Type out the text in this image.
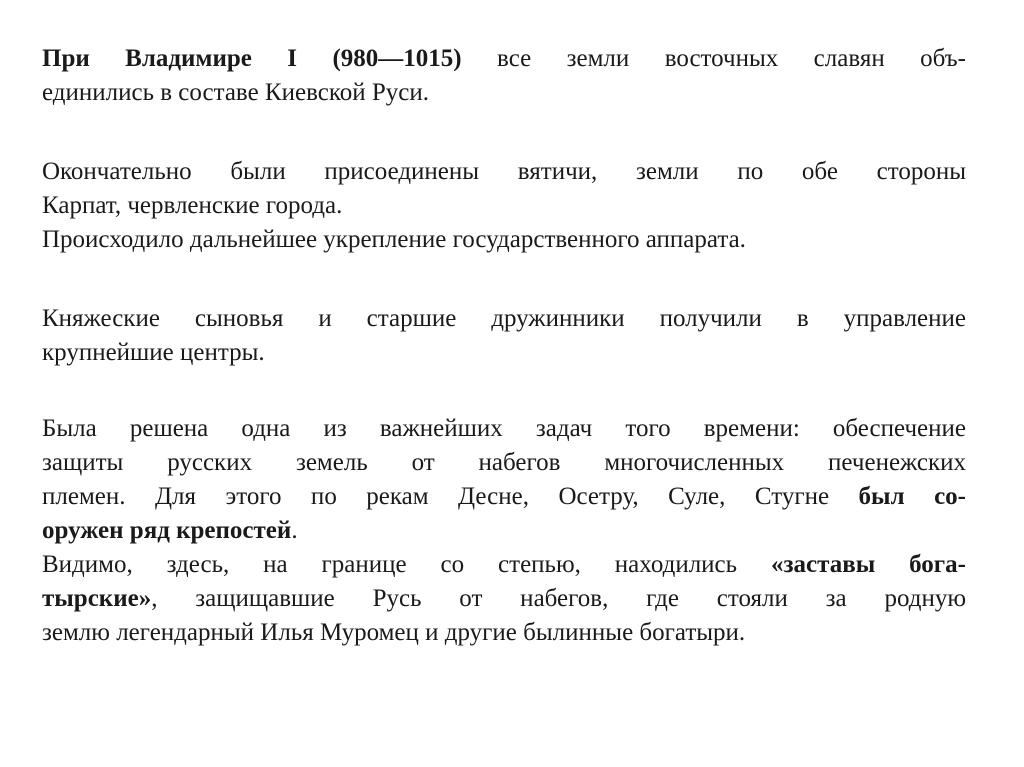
При Владимире I (980—1015) все земли восточных славян объ-
единились в составе Киевской Руси.
Окончательно были присоединены вятичи, земли по обе стороны
Карпат, червленские города.
Происходило дальнейшее укрепление государственного аппарата.
Княжеские сыновья и старшие дружинники получили в управление
крупнейшие центры.
Была решена одна из важнейших задач того времени: обеспечение
защиты русских земель от набегов многочисленных печенежских
племен. Для этого по рекам Десне, Осетру, Суле, Стугне был со-
оружен ряд крепостей.
Видимо, здесь, на границе со степью, находились «заставы бога-
тырские», защищавшие Русь от набегов, где стояли за родную
землю легендарный Илья Муромец и другие былинные богатыри.
